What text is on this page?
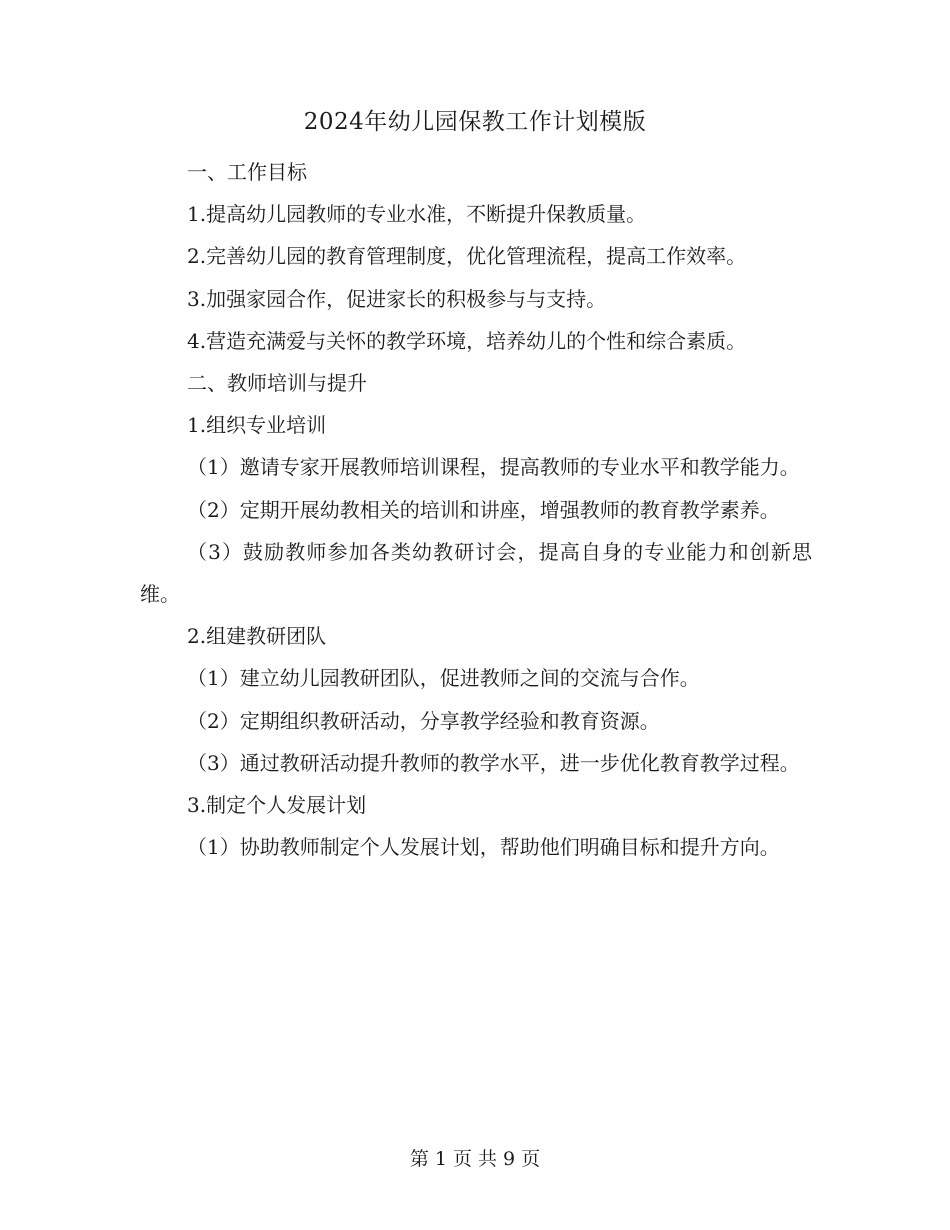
2024年幼儿园保教工作计划模版

一、工作目标

1.提高幼儿园教师的专业水准，不断提升保教质量。

2.完善幼儿园的教育管理制度，优化管理流程，提高工作效率。

3.加强家园合作，促进家长的积极参与与支持。

4.营造充满爱与关怀的教学环境，培养幼儿的个性和综合素质。

二、教师培训与提升

1.组织专业培训

（1）邀请专家开展教师培训课程，提高教师的专业水平和教学能力。

（2）定期开展幼教相关的培训和讲座，增强教师的教育教学素养。

（3）鼓励教师参加各类幼教研讨会，提高自身的专业能力和创新思维。

2.组建教研团队

（1）建立幼儿园教研团队，促进教师之间的交流与合作。

（2）定期组织教研活动，分享教学经验和教育资源。

（3）通过教研活动提升教师的教学水平，进一步优化教育教学过程。

3.制定个人发展计划

（1）协助教师制定个人发展计划，帮助他们明确目标和提升方向。

第 1 页 共 9 页
